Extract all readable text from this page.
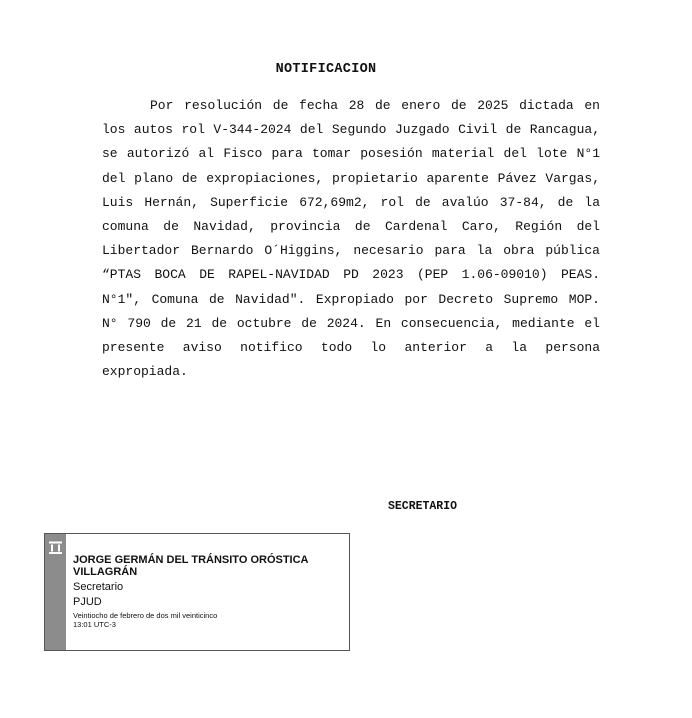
NOTIFICACION

Por resolución de fecha 28 de enero de 2025 dictada en los autos rol V-344-2024 del Segundo Juzgado Civil de Rancagua, se autorizó al Fisco para tomar posesión material del lote N°1 del plano de expropiaciones, propietario aparente Pávez Vargas, Luis Hernán, Superficie 672,69m2, rol de avalúo 37-84, de la comuna de Navidad, provincia de Cardenal Caro, Región del Libertador Bernardo O´Higgins, necesario para la obra pública “PTAS BOCA DE RAPEL-NAVIDAD PD 2023 (PEP 1.06-09010) PEAS. N°1", Comuna de Navidad". Expropiado por Decreto Supremo MOP. N° 790 de 21 de octubre de 2024. En consecuencia, mediante el presente aviso notifico todo lo anterior a la persona expropiada.

SECRETARIO

JORGE GERMÁN DEL TRÁNSITO ORÓSTICA VILLAGRÁN

Secretario

PJUD

Veintiocho de febrero de dos mil veinticinco

13:01 UTC-3
